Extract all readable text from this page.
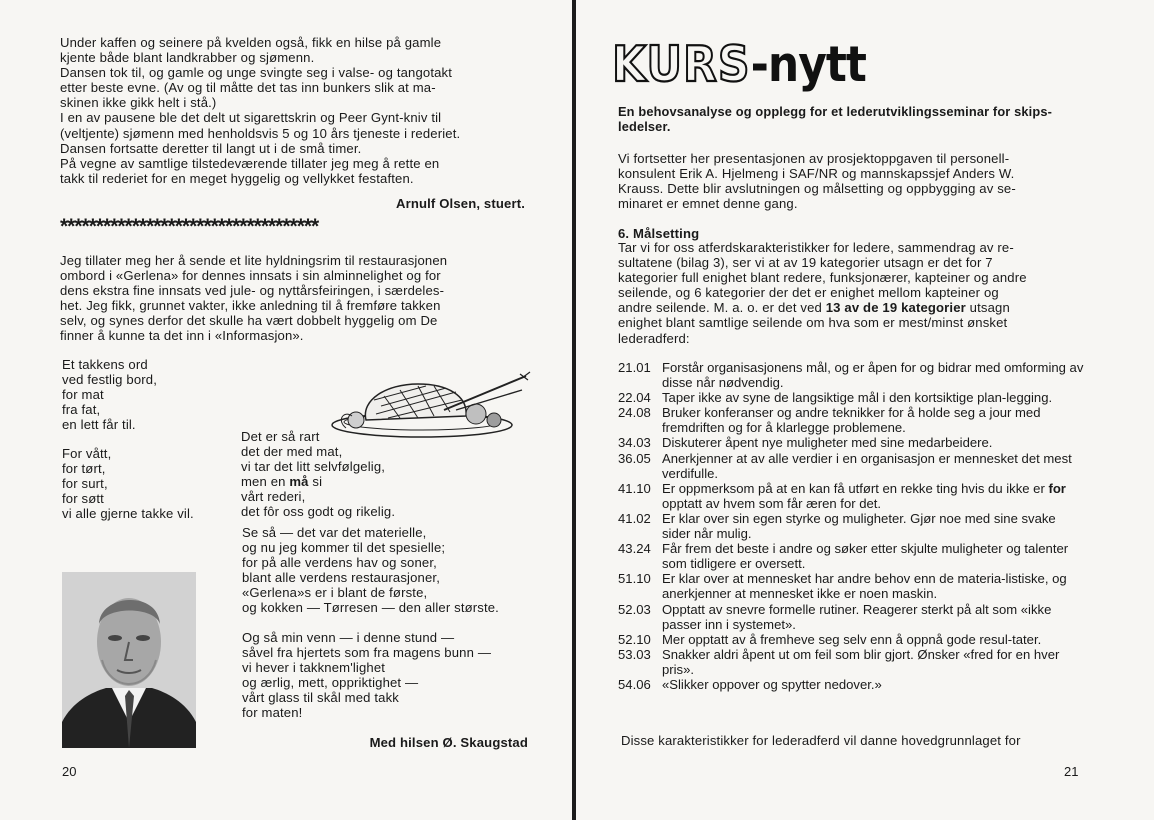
Under kaffen og seinere på kvelden også, fikk en hilse på gamle
kjente både blant landkrabber og sjømenn.
Dansen tok til, og gamle og unge svingte seg i valse- og tangotakt
etter beste evne. (Av og til måtte det tas inn bunkers slik at ma-
skinen ikke gikk helt i stå.)
I en av pausene ble det delt ut sigarettskrin og Peer Gynt-kniv til
(veltjente) sjømenn med henholdsvis 5 og 10 års tjeneste i rederiet.
Dansen fortsatte deretter til langt ut i de små timer.
På vegne av samtlige tilstedeværende tillater jeg meg å rette en
takk til rederiet for en meget hyggelig og vellykket festaften.
Arnulf Olsen, stuert.
************************************
Jeg tillater meg her å sende et lite hyldningsrim til restaurasjonen
ombord i «Gerlena» for dennes innsats i sin alminnelighet og for
dens ekstra fine innsats ved jule- og nyttårsfeiringen, i særdeles-
het. Jeg fikk, grunnet vakter, ikke anledning til å fremføre takken
selv, og synes derfor det skulle ha vært dobbelt hyggelig om De
finner å kunne ta det inn i «Informasjon».
Et takkens ord
ved festlig bord,
for mat
fra fat,
en lett får til.
For vått,
for tørt,
for surt,
for søtt
vi alle gjerne takke vil.
Det er så rart
det der med mat,
vi tar det litt selvfølgelig,
men en må si
vårt rederi,
det fôr oss godt og rikelig.
Se så — det var det materielle,
og nu jeg kommer til det spesielle;
for på alle verdens hav og soner,
blant alle verdens restaurasjoner,
«Gerlena»s er i blant de første,
og kokken — Tørresen — den aller største.
Og så min venn — i denne stund —
såvel fra hjertets som fra magens bunn —
vi hever i takknem'lighet
og ærlig, mett, oppriktighet —
vårt glass til skål med takk
for maten!
Med hilsen Ø. Skaugstad
20
KURS -nytt
En behovsanalyse og opplegg for et lederutviklingsseminar for skips-
ledelser.
Vi fortsetter her presentasjonen av prosjektoppgaven til personell-
konsulent Erik A. Hjelmeng i SAF/NR og mannskapssjef Anders W.
Krauss. Dette blir avslutningen og målsetting og oppbygging av se-
minaret er emnet denne gang.
6. Målsetting
Tar vi for oss atferdskarakteristikker for ledere, sammendrag av re-
sultatene (bilag 3), ser vi at av 19 kategorier utsagn er det for 7
kategorier full enighet blant redere, funksjonærer, kapteiner og andre
seilende, og 6 kategorier der det er enighet mellom kapteiner og
andre seilende. M. a. o. er det ved 13 av de 19 kategorier utsagn
enighet blant samtlige seilende om hva som er mest/minst ønsket
lederadferd:
21.01 Forstår organisasjonens mål, og er åpen for og bidrar med omforming av disse når nødvendig.
22.04 Taper ikke av syne de langsiktige mål i den kortsiktige plan-legging.
24.08 Bruker konferanser og andre teknikker for å holde seg a jour med fremdriften og for å klarlegge problemene.
34.03 Diskuterer åpent nye muligheter med sine medarbeidere.
36.05 Anerkjenner at av alle verdier i en organisasjon er mennesket det mest verdifulle.
41.10 Er oppmerksom på at en kan få utført en rekke ting hvis du ikke er for opptatt av hvem som får æren for det.
41.02 Er klar over sin egen styrke og muligheter. Gjør noe med sine svake sider når mulig.
43.24 Får frem det beste i andre og søker etter skjulte muligheter og talenter som tidligere er oversett.
51.10 Er klar over at mennesket har andre behov enn de materia-listiske, og anerkjenner at mennesket ikke er noen maskin.
52.03 Opptatt av snevre formelle rutiner. Reagerer sterkt på alt som «ikke passer inn i systemet».
52.10 Mer opptatt av å fremheve seg selv enn å oppnå gode resul-tater.
53.03 Snakker aldri åpent ut om feil som blir gjort. Ønsker «fred for en hver pris».
54.06 «Slikker oppover og spytter nedover.»
Disse karakteristikker for lederadferd vil danne hovedgrunnlaget for
21
